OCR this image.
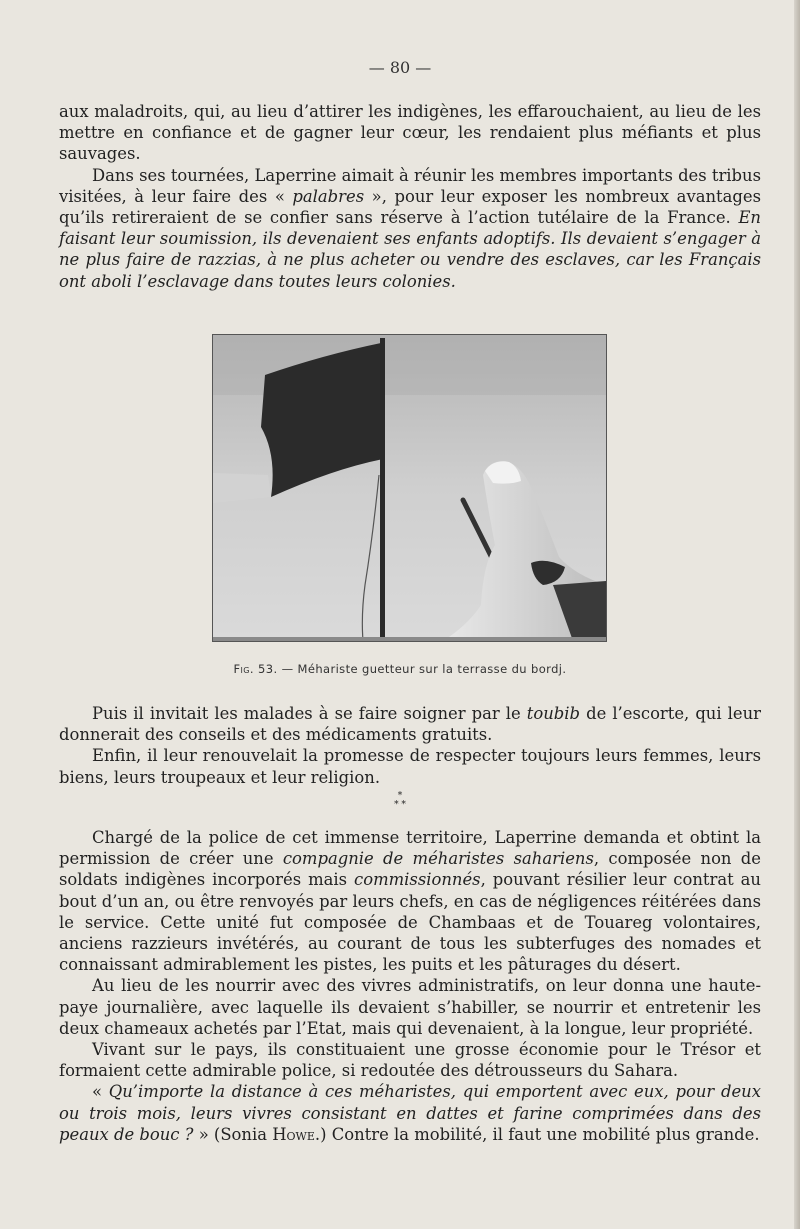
— 80 —

aux maladroits, qui, au lieu d’attirer les indigènes, les effarouchaient, au lieu de les mettre en confiance et de gagner leur cœur, les rendaient plus méfiants et plus sauvages.

Dans ses tournées, Laperrine aimait à réunir les membres importants des tribus visitées, à leur faire des « palabres », pour leur exposer les nombreux avantages qu’ils retireraient de se confier sans réserve à l’action tutélaire de la France. En faisant leur soumission, ils devenaient ses enfants adoptifs. Ils devaient s’engager à ne plus faire de razzias, à ne plus acheter ou vendre des esclaves, car les Français ont aboli l’esclavage dans toutes leurs colonies.

Fig. 53. — Méhariste guetteur sur la terrasse du bordj.

Puis il invitait les malades à se faire soigner par le toubib de l’escorte, qui leur donnerait des conseils et des médicaments gratuits.

Enfin, il leur renouvelait la promesse de respecter toujours leurs femmes, leurs biens, leurs troupeaux et leur religion.

*
* *

Chargé de la police de cet immense territoire, Laperrine demanda et obtint la permission de créer une compagnie de méharistes sahariens, composée non de soldats indigènes incorporés mais commissionnés, pouvant résilier leur contrat au bout d’un an, ou être renvoyés par leurs chefs, en cas de négligences réitérées dans le service. Cette unité fut composée de Chambaas et de Touareg volontaires, anciens razzieurs invétérés, au courant de tous les subterfuges des nomades et connaissant admirablement les pistes, les puits et les pâturages du désert.

Au lieu de les nourrir avec des vivres administratifs, on leur donna une haute-paye journalière, avec laquelle ils devaient s’habiller, se nourrir et entretenir les deux chameaux achetés par l’Etat, mais qui devenaient, à la longue, leur propriété.

Vivant sur le pays, ils constituaient une grosse économie pour le Trésor et formaient cette admirable police, si redoutée des détrousseurs du Sahara.

« Qu’importe la distance à ces méharistes, qui emportent avec eux, pour deux ou trois mois, leurs vivres consistant en dattes et farine comprimées dans des peaux de bouc ? » (Sonia Howe.) Contre la mobilité, il faut une mobilité plus grande.
